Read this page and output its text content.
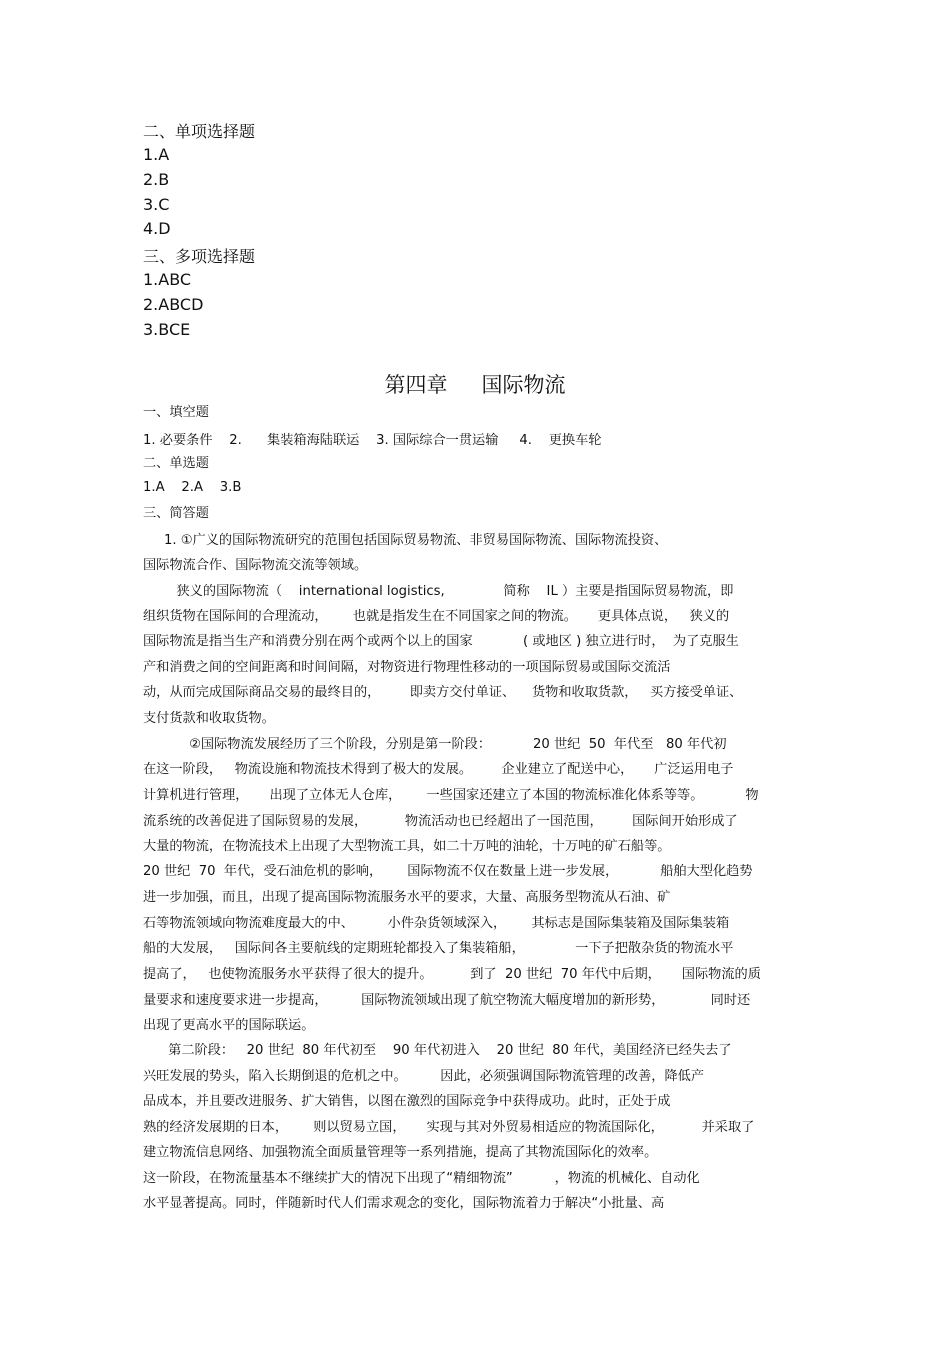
二、单项选择题
1.A
2.B
3.C
4.D
三、多项选择题
1.ABC
2.ABCD
3.BCE
第四章 国际物流
一、填空题
1. 必要条件    2.      集装箱海陆联运    3. 国际综合一贯运输     4.    更换车轮
二、单选题
1.A    2.A    3.B
三、简答题
1. ①广义的国际物流研究的范围包括国际贸易物流、非贸易国际物流、国际物流投资、
国际物流合作、国际物流交流等领域。
狭义的国际物流（    international logistics,              简称    IL ）主要是指国际贸易物流，即
组织货物在国际间的合理流动，      也就是指发生在不同国家之间的物流。     更具体点说，   狭义的
国际物流是指当生产和消费分别在两个或两个以上的国家            ( 或地区 ) 独立进行时，  为了克服生
产和消费之间的空间距离和时间间隔，对物资进行物理性移动的一项国际贸易或国际交流活
动，从而完成国际商品交易的最终目的，       即卖方交付单证、    货物和收取货款，   买方接受单证、
支付货款和收取货物。
②国际物流发展经历了三个阶段，分别是第一阶段：          20 世纪  50  年代至   80 年代初
在这一阶段，   物流设施和物流技术得到了极大的发展。       企业建立了配送中心，     广泛运用电子
计算机进行管理，     出现了立体无人仓库，      一些国家还建立了本国的物流标准化体系等等。          物
流系统的改善促进了国际贸易的发展，         物流活动也已经超出了一国范围，       国际间开始形成了
大量的物流，在物流技术上出现了大型物流工具，如二十万吨的油轮，十万吨的矿石船等。
20 世纪  70  年代，受石油危机的影响，      国际物流不仅在数量上进一步发展，          船舶大型化趋势
进一步加强，而且，出现了提高国际物流服务水平的要求，大量、高服务型物流从石油、矿
石等物流领域向物流难度最大的中、        小件杂货领域深入，      其标志是国际集装箱及国际集装箱
船的大发展，   国际间各主要航线的定期班轮都投入了集装箱船，            一下子把散杂货的物流水平
提高了，   也使物流服务水平获得了很大的提升。         到了  20 世纪  70 年代中后期，     国际物流的质
量要求和速度要求进一步提高，        国际物流领域出现了航空物流大幅度增加的新形势，           同时还
出现了更高水平的国际联运。
第二阶段：   20 世纪  80 年代初至    90 年代初进入    20 世纪  80 年代，美国经济已经失去了
兴旺发展的势头，陷入长期倒退的危机之中。        因此，必须强调国际物流管理的改善，降低产
品成本，并且要改进服务、扩大销售，以图在激烈的国际竞争中获得成功。此时，正处于成
熟的经济发展期的日本，      则以贸易立国，     实现与其对外贸易相适应的物流国际化，         并采取了
建立物流信息网络、加强物流全面质量管理等一系列措施，提高了其物流国际化的效率。
这一阶段，在物流量基本不继续扩大的情况下出现了“精细物流”          ，物流的机械化、自动化
水平显著提高。同时，伴随新时代人们需求观念的变化，国际物流着力于解决“小批量、高
